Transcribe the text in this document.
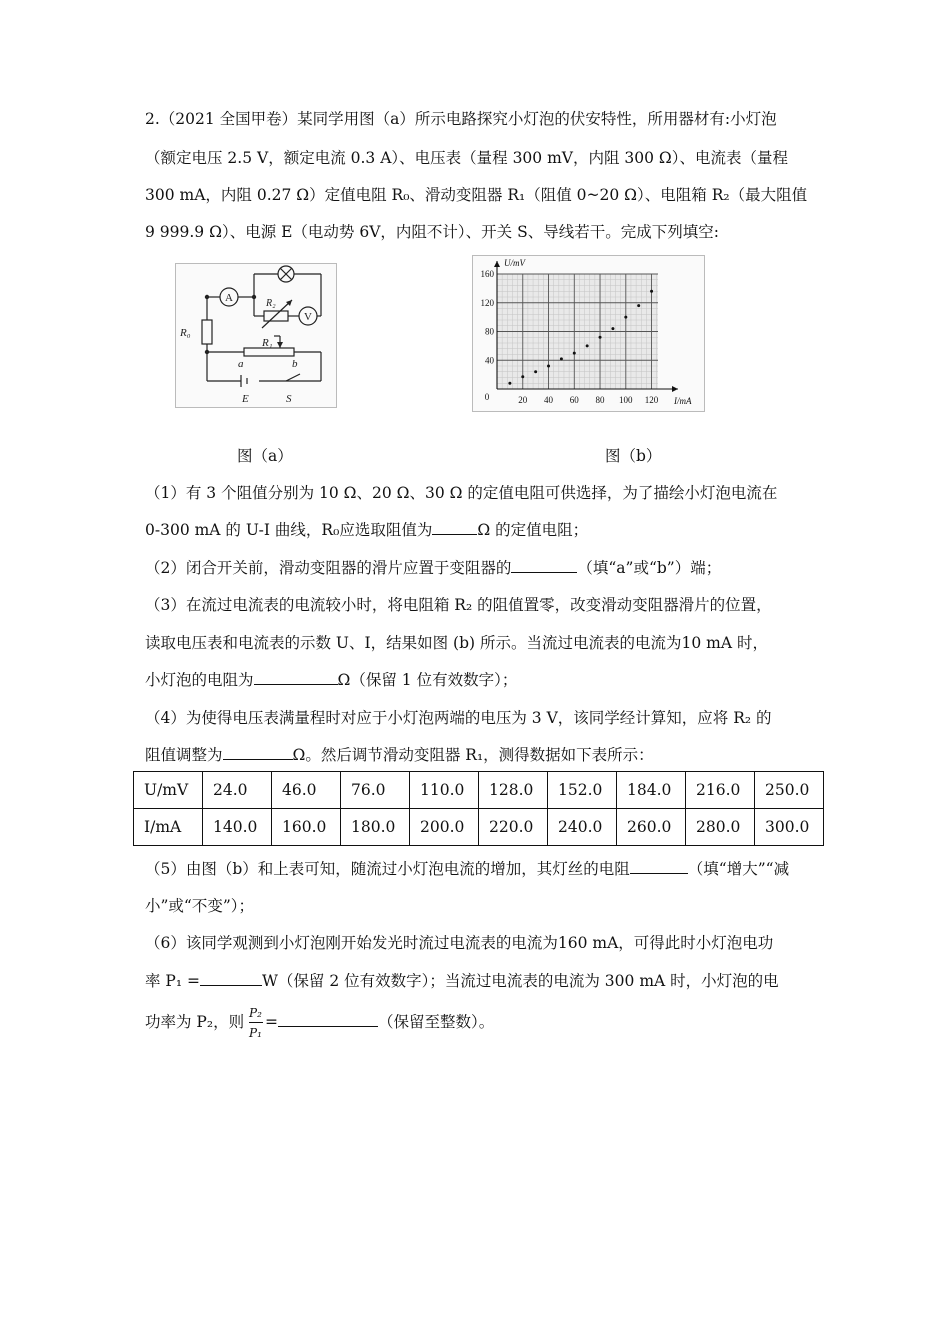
2.（2021 全国甲卷）某同学用图（a）所示电路探究小灯泡的伏安特性，所用器材有:小灯泡
（额定电压 2.5 V，额定电流 0.3 A）、电压表（量程 300 mV，内阻 300 Ω）、电流表（量程
300 mA，内阻 0.27 Ω）定值电阻 R₀、滑动变阻器 R₁（阻值 0~20 Ω）、电阻箱 R₂（最大阻值
9 999.9 Ω）、电源 E（电动势 6V，内阻不计）、开关 S、导线若干。完成下列填空:
A
V
R₀
R₂
R₁
a	b
E	S	20 40 60 80 100 120
40
80
120
160
0
U/mV
I/mA
图（a）	图（b）
（1）有 3 个阻值分别为 10 Ω、20 Ω、30 Ω 的定值电阻可供选择，为了描绘小灯泡电流在
0-300 mA 的 U-I 曲线，R₀应选取阻值为	Ω 的定值电阻；
（2）闭合开关前，滑动变阻器的滑片应置于变阻器的	（填“a”或“b”）端；
（3）在流过电流表的电流较小时，将电阻箱 R₂ 的阻值置零，改变滑动变阻器滑片的位置，
读取电压表和电流表的示数 U、I，结果如图 (b) 所示。当流过电流表的电流为10 mA 时，
小灯泡的电阻为	Ω（保留 1 位有效数字）；
（4）为使得电压表满量程时对应于小灯泡两端的电压为 3 V，该同学经计算知，应将 R₂ 的
阻值调整为	Ω。然后调节滑动变阻器 R₁，测得数据如下表所示：
U/mV	24.0	46.0	76.0	110.0	128.0	152.0	184.0	216.0	250.0
I/mA	140.0	160.0	180.0	200.0	220.0	240.0	260.0	280.0	300.0
（5）由图（b）和上表可知，随流过小灯泡电流的增加，其灯丝的电阻	（填“增大”“减
小”或“不变”）；
（6）该同学观测到小灯泡刚开始发光时流过电流表的电流为160 mA，可得此时小灯泡电功
率 P₁ =	W（保留 2 位有效数字）；当流过电流表的电流为 300 mA 时，小灯泡的电
功率为 P₂，则 $\frac{\text{P₂}}{\text{P₁}}$ =	（保留至整数）。
